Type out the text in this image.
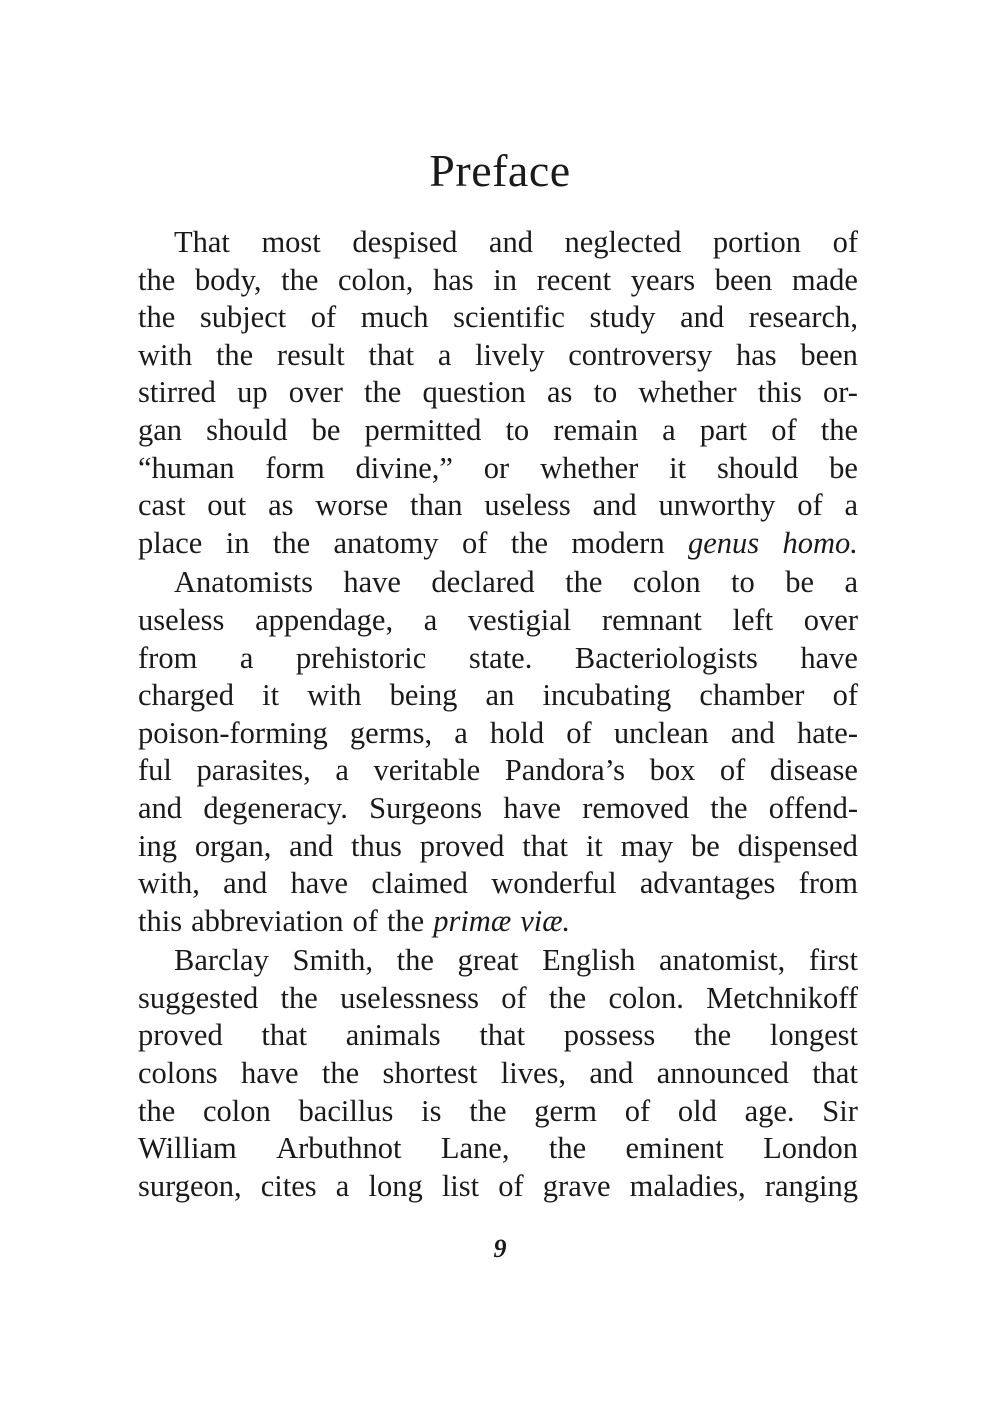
Preface
That most despised and neglected portion of
the body, the colon, has in recent years been made
the subject of much scientific study and research,
with the result that a lively controversy has been
stirred up over the question as to whether this or-
gan should be permitted to remain a part of the
“human form divine,” or whether it should be
cast out as worse than useless and unworthy of a
place in the anatomy of the modern genus homo.
Anatomists have declared the colon to be a
useless appendage, a vestigial remnant left over
from a prehistoric state. Bacteriologists have
charged it with being an incubating chamber of
poison-forming germs, a hold of unclean and hate-
ful parasites, a veritable Pandora’s box of disease
and degeneracy. Surgeons have removed the offend-
ing organ, and thus proved that it may be dispensed
with, and have claimed wonderful advantages from
this abbreviation of the primæ viæ.
Barclay Smith, the great English anatomist, first
suggested the uselessness of the colon. Metchnikoff
proved that animals that possess the longest
colons have the shortest lives, and announced that
the colon bacillus is the germ of old age. Sir
William Arbuthnot Lane, the eminent London
surgeon, cites a long list of grave maladies, ranging
9
